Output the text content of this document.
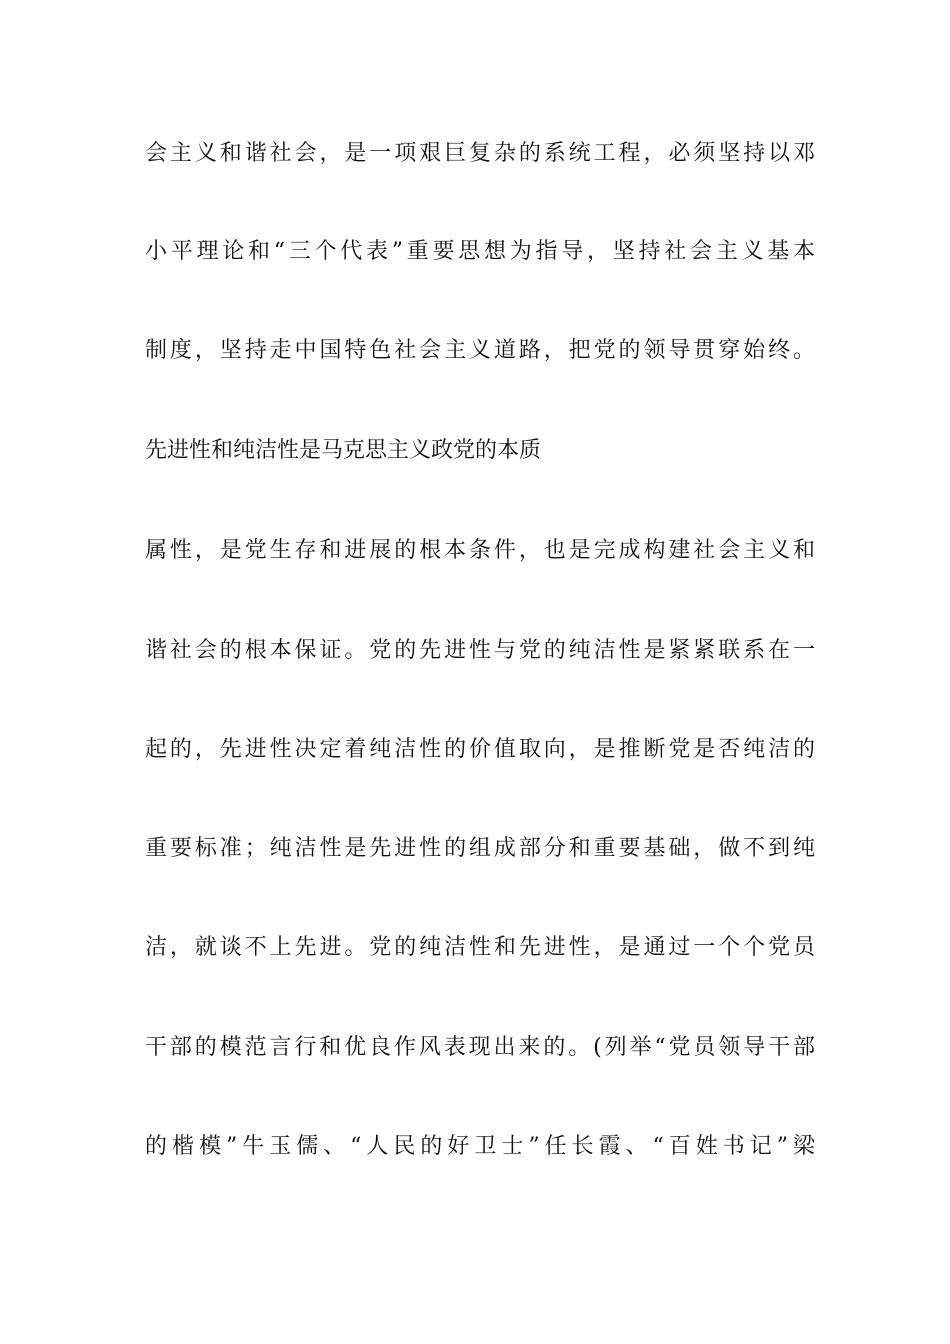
会主义和谐社会，是一项艰巨复杂的系统工程，必须坚持以邓

小平理论和“三个代表”重要思想为指导，坚持社会主义基本

制度，坚持走中国特色社会主义道路，把党的领导贯穿始终。

先进性和纯洁性是马克思主义政党的本质

属性，是党生存和进展的根本条件，也是完成构建社会主义和

谐社会的根本保证。党的先进性与党的纯洁性是紧紧联系在一

起的，先进性决定着纯洁性的价值取向，是推断党是否纯洁的

重要标准；纯洁性是先进性的组成部分和重要基础，做不到纯

洁，就谈不上先进。党的纯洁性和先进性，是通过一个个党员

干部的模范言行和优良作风表现出来的。(列举“党员领导干部

的楷模”牛玉儒、“人民的好卫士”任长霞、“百姓书记”梁
